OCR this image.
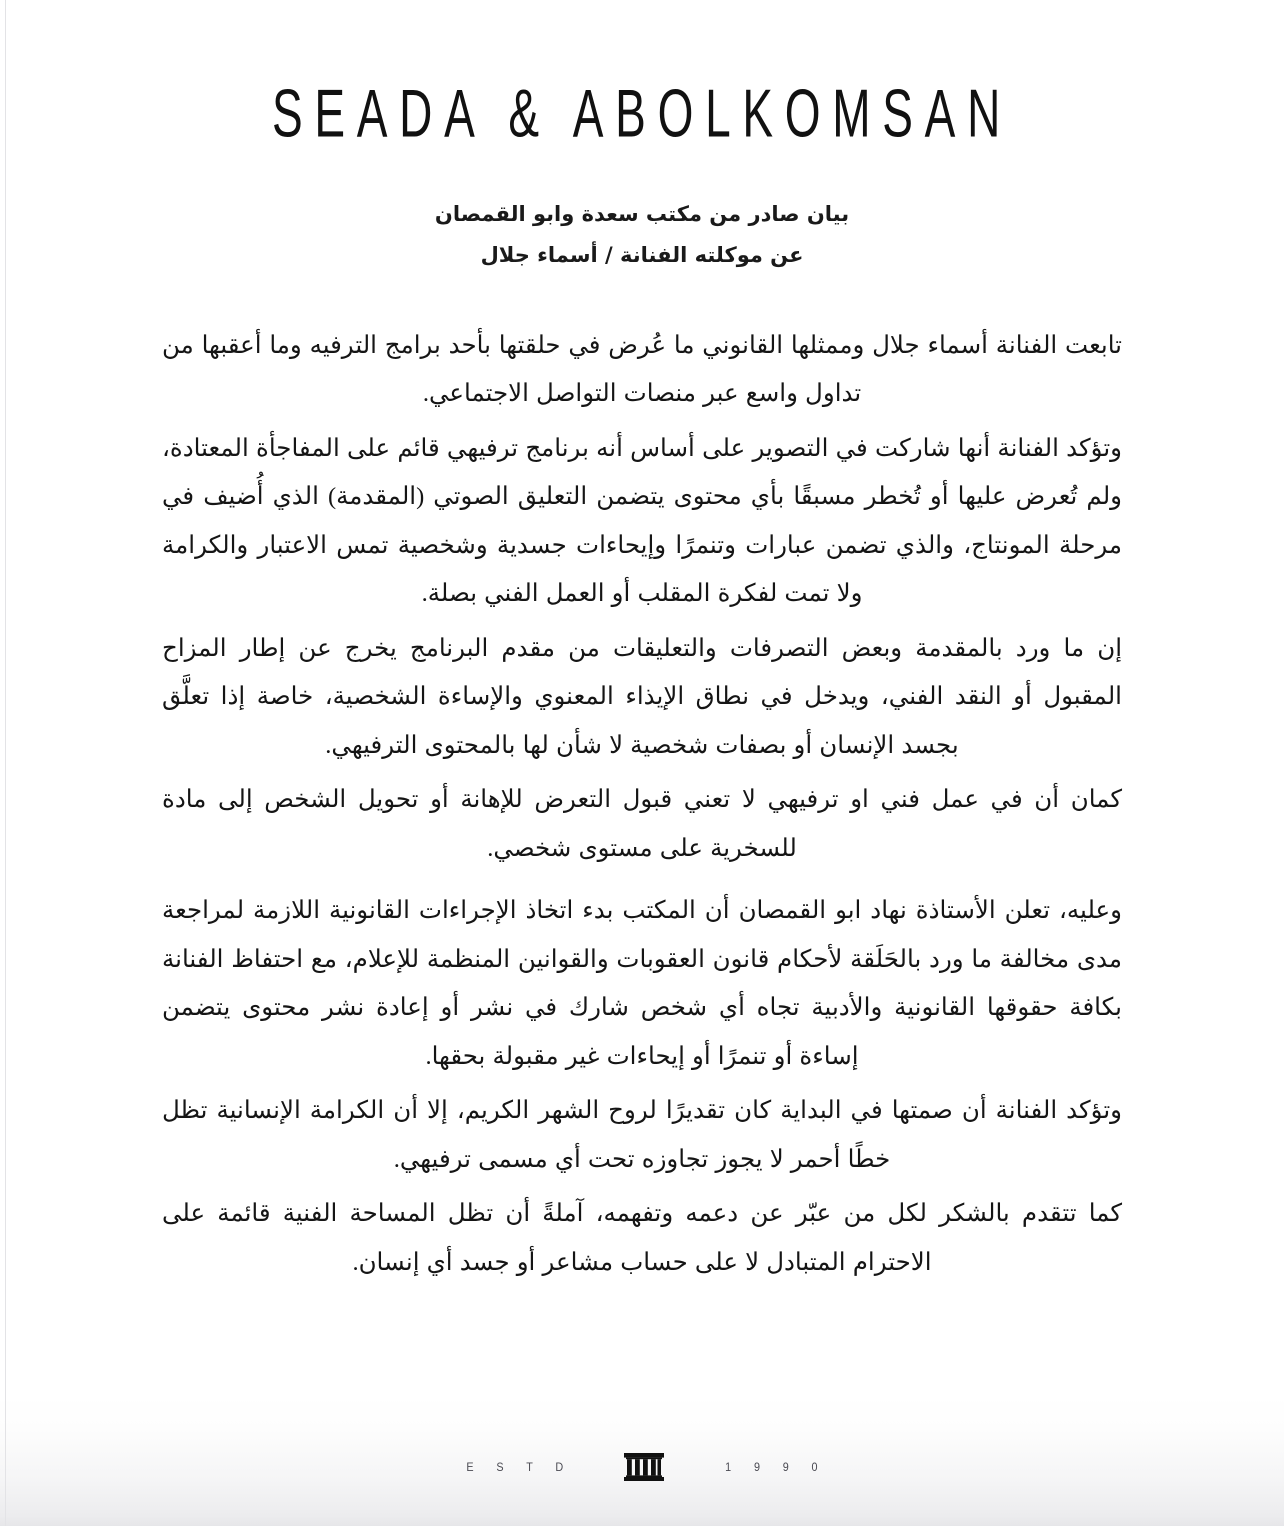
SEADA & ABOLKOMSAN
بيان صادر من مكتب سعدة وابو القمصان
عن موكلته الفنانة / أسماء جلال

تابعت الفنانة أسماء جلال وممثلها القانوني ما عُرض في حلقتها بأحد برامج الترفيه وما أعقبها من تداول واسع عبر منصات التواصل الاجتماعي.

وتؤكد الفنانة أنها شاركت في التصوير على أساس أنه برنامج ترفيهي قائم على المفاجأة المعتادة، ولم تُعرض عليها أو تُخطر مسبقًا بأي محتوى يتضمن التعليق الصوتي (المقدمة) الذي أُضيف في مرحلة المونتاج، والذي تضمن عبارات وتنمرًا وإيحاءات جسدية وشخصية تمس الاعتبار والكرامة ولا تمت لفكرة المقلب أو العمل الفني بصلة.

إن ما ورد بالمقدمة وبعض التصرفات والتعليقات من مقدم البرنامج يخرج عن إطار المزاح المقبول أو النقد الفني، ويدخل في نطاق الإيذاء المعنوي والإساءة الشخصية، خاصة إذا تعلَّق بجسد الإنسان أو بصفات شخصية لا شأن لها بالمحتوى الترفيهي.

كمان أن في عمل فني او ترفيهي لا تعني قبول التعرض للإهانة أو تحويل الشخص إلى مادة للسخرية على مستوى شخصي.

وعليه، تعلن الأستاذة نهاد ابو القمصان أن المكتب بدء اتخاذ الإجراءات القانونية اللازمة لمراجعة مدى مخالفة ما ورد بالحَلَقة لأحكام قانون العقوبات والقوانين المنظمة للإعلام، مع احتفاظ الفنانة بكافة حقوقها القانونية والأدبية تجاه أي شخص شارك في نشر أو إعادة نشر محتوى يتضمن إساءة أو تنمرًا أو إيحاءات غير مقبولة بحقها.

وتؤكد الفنانة أن صمتها في البداية كان تقديرًا لروح الشهر الكريم، إلا أن الكرامة الإنسانية تظل خطًا أحمر لا يجوز تجاوزه تحت أي مسمى ترفيهي.

كما تتقدم بالشكر لكل من عبّر عن دعمه وتفهمه، آملةً أن تظل المساحة الفنية قائمة على الاحترام المتبادل لا على حساب مشاعر أو جسد أي إنسان.

E S T D	1 9 9 0
